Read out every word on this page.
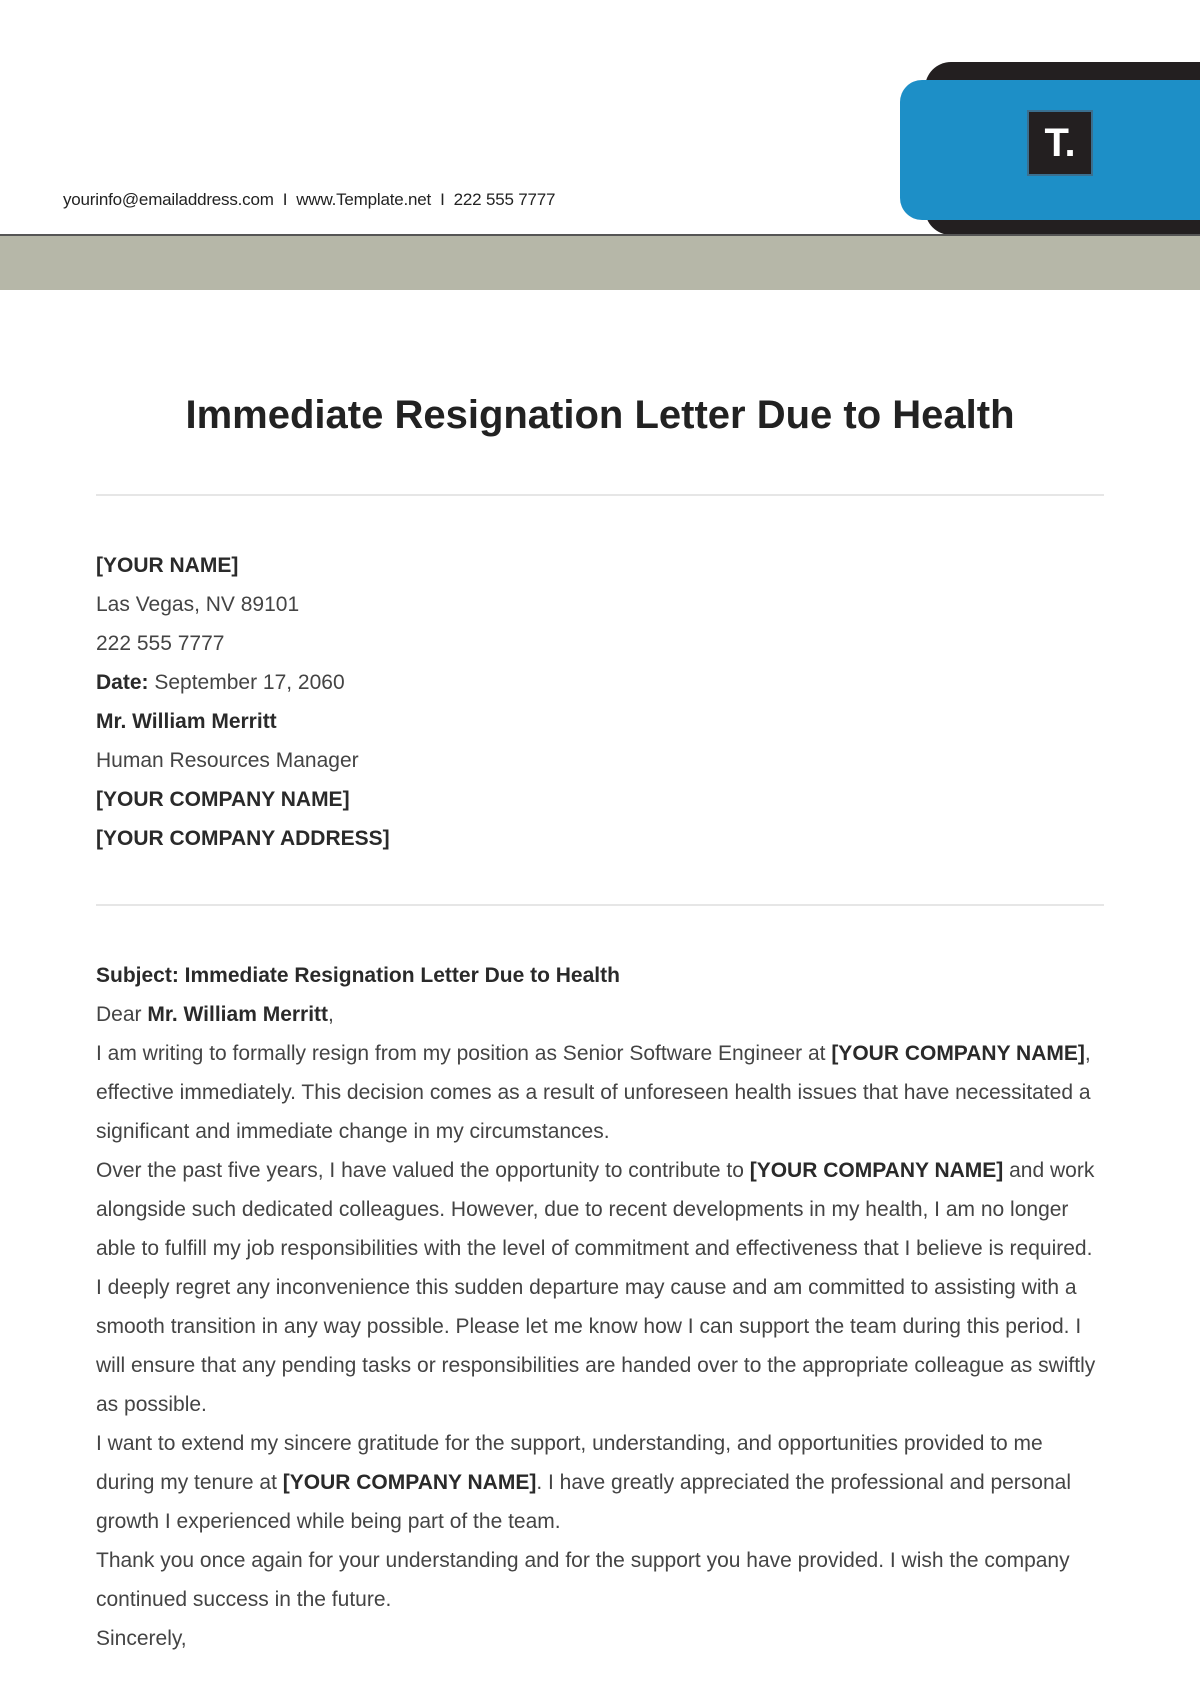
T.
yourinfo@emailaddress.com  I  www.Template.net  I  222 555 7777
Immediate Resignation Letter Due to Health

[YOUR NAME]

Las Vegas, NV 89101

222 555 7777

Date: September 17, 2060

Mr. William Merritt

Human Resources Manager

[YOUR COMPANY NAME]

[YOUR COMPANY ADDRESS]

Subject: Immediate Resignation Letter Due to Health

Dear Mr. William Merritt,

I am writing to formally resign from my position as Senior Software Engineer at [YOUR COMPANY NAME], effective immediately. This decision comes as a result of unforeseen health issues that have necessitated a significant and immediate change in my circumstances.

Over the past five years, I have valued the opportunity to contribute to [YOUR COMPANY NAME] and work alongside such dedicated colleagues. However, due to recent developments in my health, I am no longer able to fulfill my job responsibilities with the level of commitment and effectiveness that I believe is required.

I deeply regret any inconvenience this sudden departure may cause and am committed to assisting with a smooth transition in any way possible. Please let me know how I can support the team during this period. I will ensure that any pending tasks or responsibilities are handed over to the appropriate colleague as swiftly as possible.

I want to extend my sincere gratitude for the support, understanding, and opportunities provided to me during my tenure at [YOUR COMPANY NAME]. I have greatly appreciated the professional and personal growth I experienced while being part of the team.

Thank you once again for your understanding and for the support you have provided. I wish the company continued success in the future.

Sincerely,
